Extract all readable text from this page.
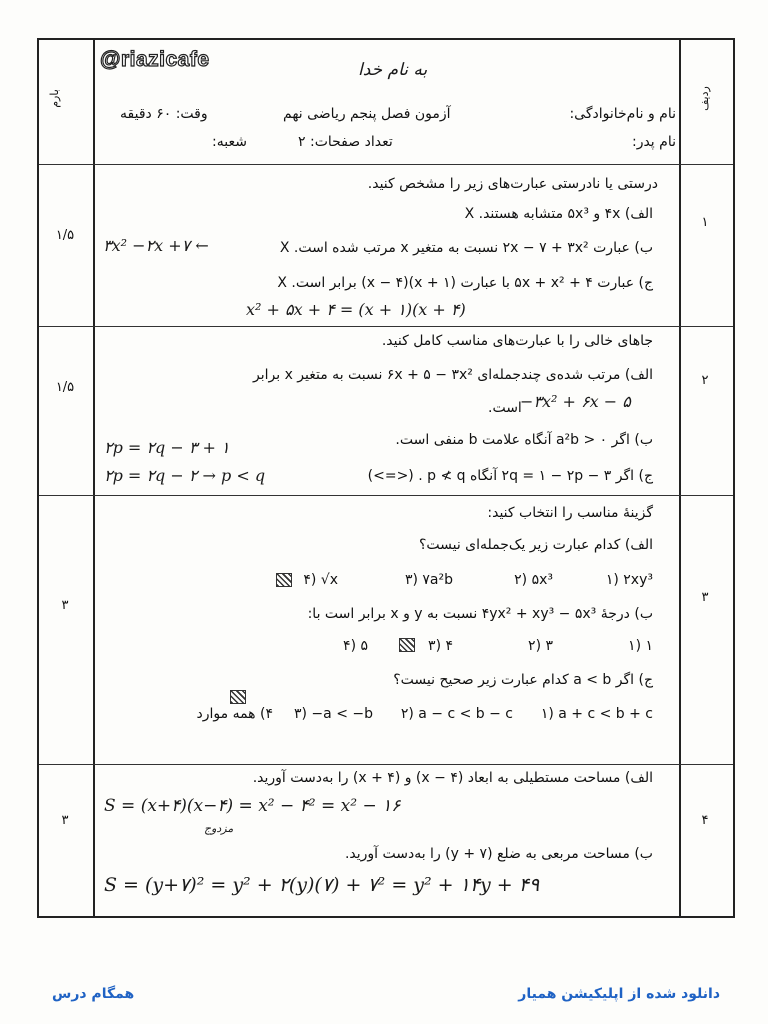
@riazicafe
بارم	ردیف
به نام خدا
نام و نام‌خانوادگی:
آزمون فصل پنجم ریاضی نهم
وقت: ۶۰ دقیقه
نام پدر:
تعداد صفحات: ۲
شعبه:
۱
۱/۵
درستی یا نادرستی عبارت‌های زیر را مشخص کنید.
الف) ۴x و ۵x³ متشابه هستند. X
ب) عبارت ۲x − ۷ + ۳x² نسبت به متغیر x مرتب شده است. X
۳x² −۲x +۷ ←
ج) عبارت ۴ + ۵x + x² با عبارت (x + ۱)(x − ۴) برابر است. X
x² + ۵x + ۴ = (x + ۱)(x + ۴)
۲
۱/۵
جاهای خالی را با عبارت‌های مناسب کامل کنید.
الف) مرتب شده‌ی چندجمله‌ای ۶x + ۵ − ۳x² نسبت به متغیر x برابر
−۳x² + ۶x − ۵
است.
ب) اگر a²b > ۰ آنگاه علامت b منفی است.
۲p = ۲q − ۳ + ۱
ج) اگر ۳ − ۲q = ۱ − ۲p آنگاه p ≮ q . (<=>)
۲p = ۲q − ۲ → p < q
۳
۳
گزینهٔ مناسب را انتخاب کنید:
الف) کدام عبارت زیر یک‌جمله‌ای نیست؟
۱) ۲xy³
۲) ۵x³
۳) ۷a²b
۴) √x
ب) درجهٔ ۴yx² + xy³ − ۵x³ نسبت به y و x برابر است با:
۱) ۱
۲) ۳
۳) ۴
۴) ۵
ج) اگر a < b کدام عبارت زیر صحیح نیست؟
۱) a + c < b + c
۲) a − c < b − c
۳) −a < −b
۴) همه موارد
۴
۳
الف) مساحت مستطیلی به ابعاد (x − ۴) و (x + ۴) را به‌دست آورید.
S = (x+۴)(x−۴) = x² − ۴² = x² − ۱۶
مزدوج
ب) مساحت مربعی به ضلع (y + ۷) را به‌دست آورید.
S = (y+۷)² = y² + ۲(y)(۷) + ۷² = y² + ۱۴y + ۴۹
همگام درس	دانلود شده از اپلیکیشن همیار
